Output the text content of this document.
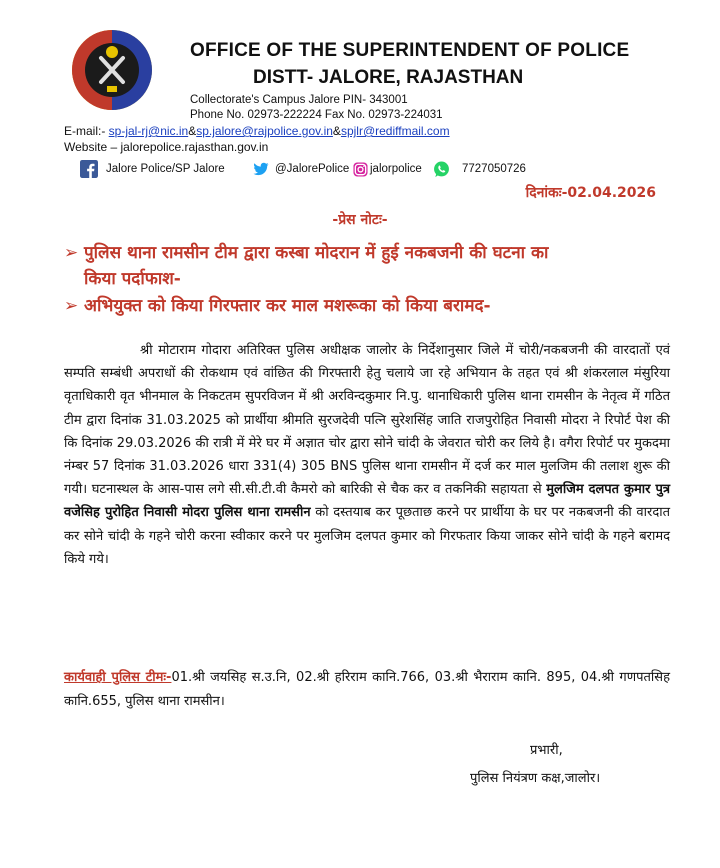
OFFICE OF THE SUPERINTENDENT OF POLICE
DISTT- JALORE, RAJASTHAN
Collectorate's Campus Jalore PIN- 343001
Phone No. 02973-222224 Fax No. 02973-224031
E-mail:- sp-jal-rj@nic.in&sp.jalore@rajpolice.gov.in&spjlr@rediffmail.com
Website – jalorepolice.rajasthan.gov.in
Jalore Police/SP Jalore	@JalorePolice jalorpolice	7727050726
दिनांकः-02.04.2026
-प्रेस नोटः-
➢ पुलिस थाना रामसीन टीम द्वारा कस्बा मोदरान में हुई नकबजनी की घटना का
किया पर्दाफाश-
➢ अभियुक्त को किया गिरफ्तार कर माल मशरूका को किया बरामद-
श्री मोटाराम गोदारा अतिरिक्त पुलिस अधीक्षक जालोर के निर्देशानुसार जिले में चोरी/नकबजनी की वारदातों एवं सम्पति सम्बंधी अपराधों की रोकथाम एवं वांछित की गिरफ्तारी हेतु चलाये जा रहे अभियान के तहत एवं श्री शंकरलाल मंसुरिया वृताधिकारी वृत भीनमाल के निकटतम सुपरविजन में श्री अरविन्दकुमार नि.पु. थानाधिकारी पुलिस थाना रामसीन के नेतृत्व में गठित टीम द्वारा दिनांक 31.03.2025 को प्रार्थीया श्रीमति सुरजदेवी पत्नि सुरेशसिंह जाति राजपुरोहित निवासी मोदरा ने रिपोर्ट पेश की कि दिनांक 29.03.2026 की रात्री में मेरे घर में अज्ञात चोर द्वारा सोने चांदी के जेवरात चोरी कर लिये है। वगैरा रिपोर्ट पर मुकदमा नंम्बर 57 दिनांक 31.03.2026 धारा 331(4) 305 BNS पुलिस थाना रामसीन में दर्ज कर माल मुलजिम की तलाश शुरू की गयी। घटनास्थल के आस-पास लगे सी.सी.टी.वी कैमरो को बारिकी से चैक कर व तकनिकी सहायता से मुलजिम दलपत कुमार पुत्र वजेसिह पुरोहित निवासी मोदरा पुलिस थाना रामसीन को दस्तयाब कर पूछताछ करने पर प्रार्थीया के घर पर नकबजनी की वारदात कर सोने चांदी के गहने चोरी करना स्वीकार करने पर मुलजिम दलपत कुमार को गिरफतार किया जाकर सोने चांदी के गहने बरामद किये गये।
कार्यवाही पुलिस टीमः-01.श्री जयसिह स.उ.नि, 02.श्री हरिराम कानि.766, 03.श्री भैराराम कानि. 895, 04.श्री गणपतसिह कानि.655, पुलिस थाना रामसीन।
प्रभारी,
पुलिस नियंत्रण कक्ष,जालोर।
